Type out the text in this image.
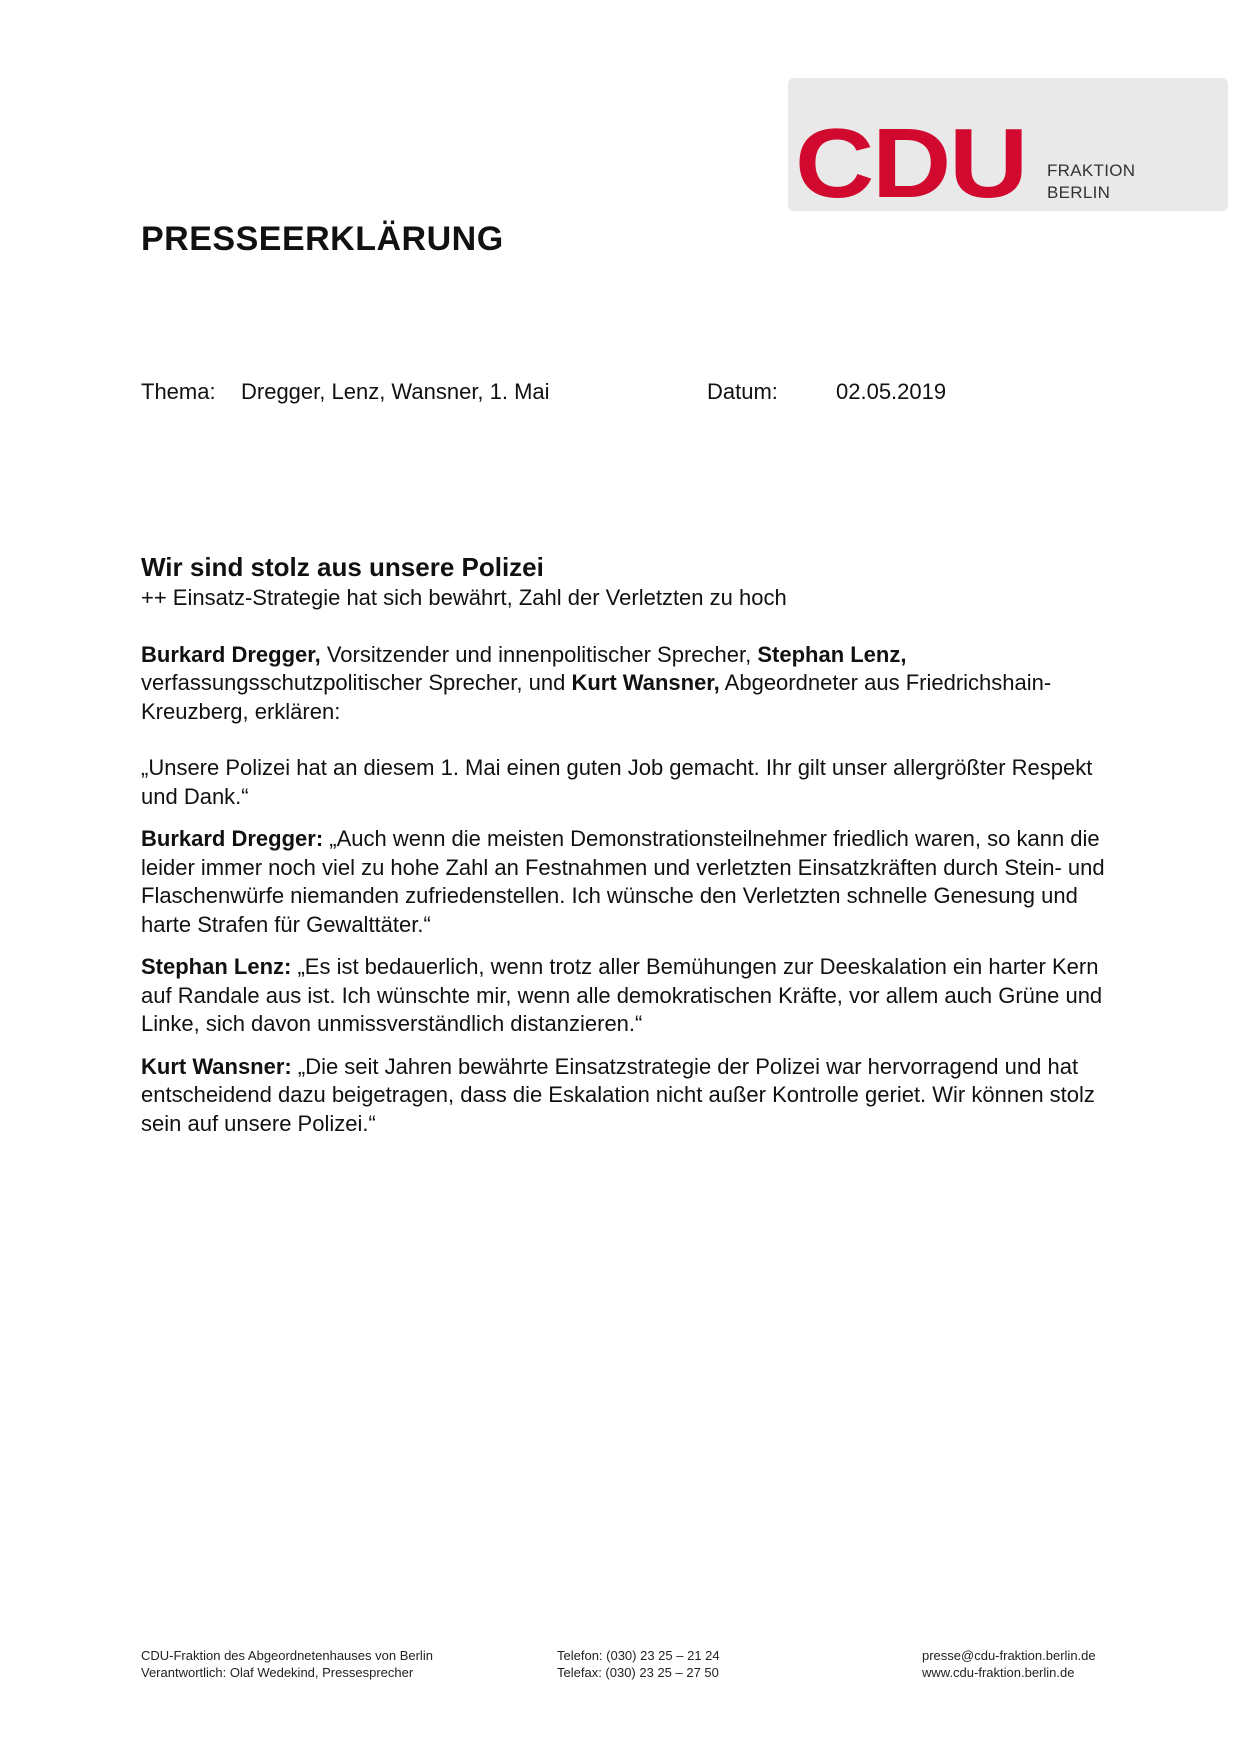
CDU FRAKTION
BERLIN
PRESSEERKLÄRUNG
Thema: Dregger, Lenz, Wansner, 1. Mai	Datum:	02.05.2019

Wir sind stolz aus unsere Polizei

++ Einsatz-Strategie hat sich bewährt, Zahl der Verletzten zu hoch

Burkard Dregger, Vorsitzender und innenpolitischer Sprecher, Stephan Lenz, verfassungsschutzpolitischer Sprecher, und Kurt Wansner, Abgeordneter aus Friedrichshain-Kreuzberg, erklären:

„Unsere Polizei hat an diesem 1. Mai einen guten Job gemacht. Ihr gilt unser allergrößter Respekt und Dank.“

Burkard Dregger: „Auch wenn die meisten Demonstrationsteilnehmer friedlich waren, so kann die leider immer noch viel zu hohe Zahl an Festnahmen und verletzten Einsatzkräften durch Stein- und Flaschenwürfe niemanden zufriedenstellen. Ich wünsche den Verletzten schnelle Genesung und harte Strafen für Gewalttäter.“

Stephan Lenz: „Es ist bedauerlich, wenn trotz aller Bemühungen zur Deeskalation ein harter Kern auf Randale aus ist. Ich wünschte mir, wenn alle demokratischen Kräfte, vor allem auch Grüne und Linke, sich davon unmissverständlich distanzieren.“

Kurt Wansner: „Die seit Jahren bewährte Einsatzstrategie der Polizei war hervorragend und hat entscheidend dazu beigetragen, dass die Eskalation nicht außer Kontrolle geriet. Wir können stolz sein auf unsere Polizei.“

CDU-Fraktion des Abgeordnetenhauses von Berlin
Verantwortlich: Olaf Wedekind, Pressesprecher
Telefon: (030) 23 25 – 21 24
Telefax: (030) 23 25 – 27 50
presse@cdu-fraktion.berlin.de
www.cdu-fraktion.berlin.de
